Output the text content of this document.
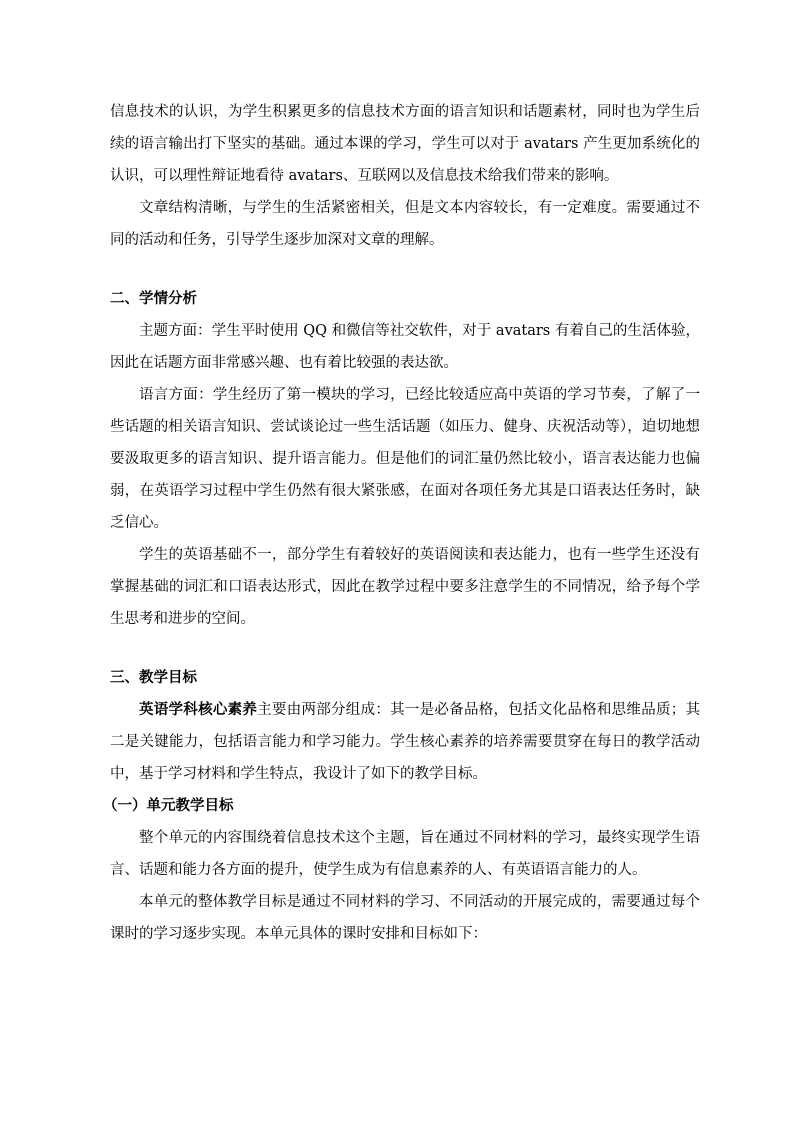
信息技术的认识，为学生积累更多的信息技术方面的语言知识和话题素材，同时也为学生后续的语言输出打下坚实的基础。通过本课的学习，学生可以对于 avatars 产生更加系统化的认识，可以理性辩证地看待 avatars、互联网以及信息技术给我们带来的影响。

文章结构清晰，与学生的生活紧密相关，但是文本内容较长，有一定难度。需要通过不同的活动和任务，引导学生逐步加深对文章的理解。

二、学情分析

主题方面：学生平时使用 QQ 和微信等社交软件，对于 avatars 有着自己的生活体验，因此在话题方面非常感兴趣、也有着比较强的表达欲。

语言方面：学生经历了第一模块的学习，已经比较适应高中英语的学习节奏，了解了一些话题的相关语言知识、尝试谈论过一些生活话题（如压力、健身、庆祝活动等），迫切地想要汲取更多的语言知识、提升语言能力。但是他们的词汇量仍然比较小，语言表达能力也偏弱，在英语学习过程中学生仍然有很大紧张感，在面对各项任务尤其是口语表达任务时，缺乏信心。

学生的英语基础不一，部分学生有着较好的英语阅读和表达能力，也有一些学生还没有掌握基础的词汇和口语表达形式，因此在教学过程中要多注意学生的不同情况，给予每个学生思考和进步的空间。

三、教学目标

英语学科核心素养主要由两部分组成：其一是必备品格，包括文化品格和思维品质；其二是关键能力，包括语言能力和学习能力。学生核心素养的培养需要贯穿在每日的教学活动中，基于学习材料和学生特点，我设计了如下的教学目标。

（一）单元教学目标

整个单元的内容围绕着信息技术这个主题，旨在通过不同材料的学习，最终实现学生语言、话题和能力各方面的提升，使学生成为有信息素养的人、有英语语言能力的人。

本单元的整体教学目标是通过不同材料的学习、不同活动的开展完成的，需要通过每个课时的学习逐步实现。本单元具体的课时安排和目标如下：
